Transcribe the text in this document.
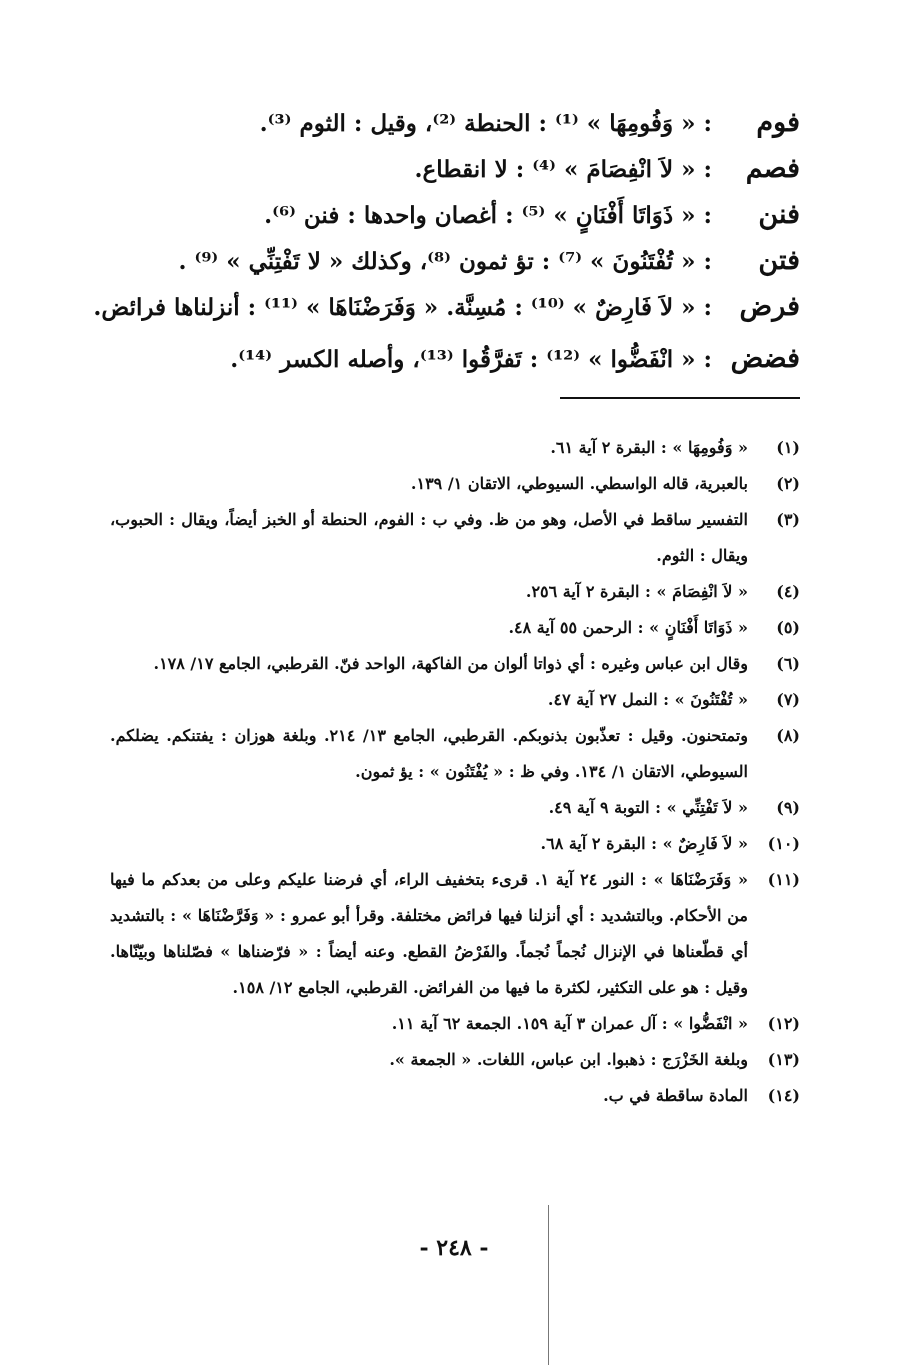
فوم
: « وَفُومِهَا » ⁽¹⁾ : الحنطة ⁽²⁾، وقيل : الثوم ⁽³⁾.
فصم
: « لاَ انْفِصَامَ » ⁽⁴⁾ : لا انقطاع.
فنن
: « ذَوَاتَا أَفْنَانٍ » ⁽⁵⁾ : أغصان واحدها : فنن ⁽⁶⁾.
فتن
: « تُفْتَنُونَ » ⁽⁷⁾ : تؤ ثمون ⁽⁸⁾، وكذلك « لا تَفْتِنِّي » ⁽⁹⁾ .
فرض
: « لاَ فَارِضٌ » ⁽¹⁰⁾ : مُسِنَّة. « وَفَرَضْنَاهَا » ⁽¹¹⁾ : أنزلناها فرائض.
فضض
: « انْفَضُّوا » ⁽¹²⁾ : تَفرَّقُوا ⁽¹³⁾، وأصله الكسر ⁽¹⁴⁾.
(١)
« وَفُومِهَا » : البقرة ٢ آية ٦١.
(٢)
بالعبرية، قاله الواسطي. السيوطي، الاتقان ١/ ١٣٩.
(٣)
التفسير ساقط في الأصل، وهو من ظ. وفي ب : الفوم، الحنطة أو الخبز أيضاً، ويقال : الحبوب، ويقال : الثوم.
(٤)
« لاَ انْفِصَامَ » : البقرة ٢ آية ٢٥٦.
(٥)
« ذَوَاتَا أَفْنَانٍ » : الرحمن ٥٥ آية ٤٨.
(٦)
وقال ابن عباس وغيره : أي ذواتا ألوان من الفاكهة، الواحد فنّ. القرطبي، الجامع ١٧/ ١٧٨.
(٧)
« تُفْتَنُونَ » : النمل ٢٧ آية ٤٧.
(٨)
وتمتحنون. وقيل : تعذّبون بذنوبكم. القرطبي، الجامع ١٣/ ٢١٤. وبلغة هوزان : يفتنكم. يضلكم. السيوطي، الاتقان ١/ ١٣٤. وفي ظ : « يُفْتَنُون » : يؤ ثمون.
(٩)
« لاَ تَفْتِنِّي » : التوبة ٩ آية ٤٩.
(١٠)
« لاَ فَارِضٌ » : البقرة ٢ آية ٦٨.
(١١)
« وَفَرَضْنَاهَا » : النور ٢٤ آية ١. قرىء بتخفيف الراء، أي فرضنا عليكم وعلى من بعدكم ما فيها من الأحكام. وبالتشديد : أي أنزلنا فيها فرائض مختلفة. وقرأ أبو عمرو : « وَفَرَّضْنَاهَا » : بالتشديد أي قطّعناها في الإنزال نُجماً نُجماً. والفَرْضُ القطع. وعنه أيضاً : « فرّضناها » فصّلناها وبيّنّاها. وقيل : هو على التكثير، لكثرة ما فيها من الفرائض. القرطبي، الجامع ١٢/ ١٥٨.
(١٢)
« انْفَضُّوا » : آل عمران ٣ آية ١٥٩. الجمعة ٦٢ آية ١١.
(١٣)
وبلغة الخَزْرَج : ذهبوا. ابن عباس، اللغات. « الجمعة ».
(١٤)
المادة ساقطة في ب.
- ٢٤٨ -
